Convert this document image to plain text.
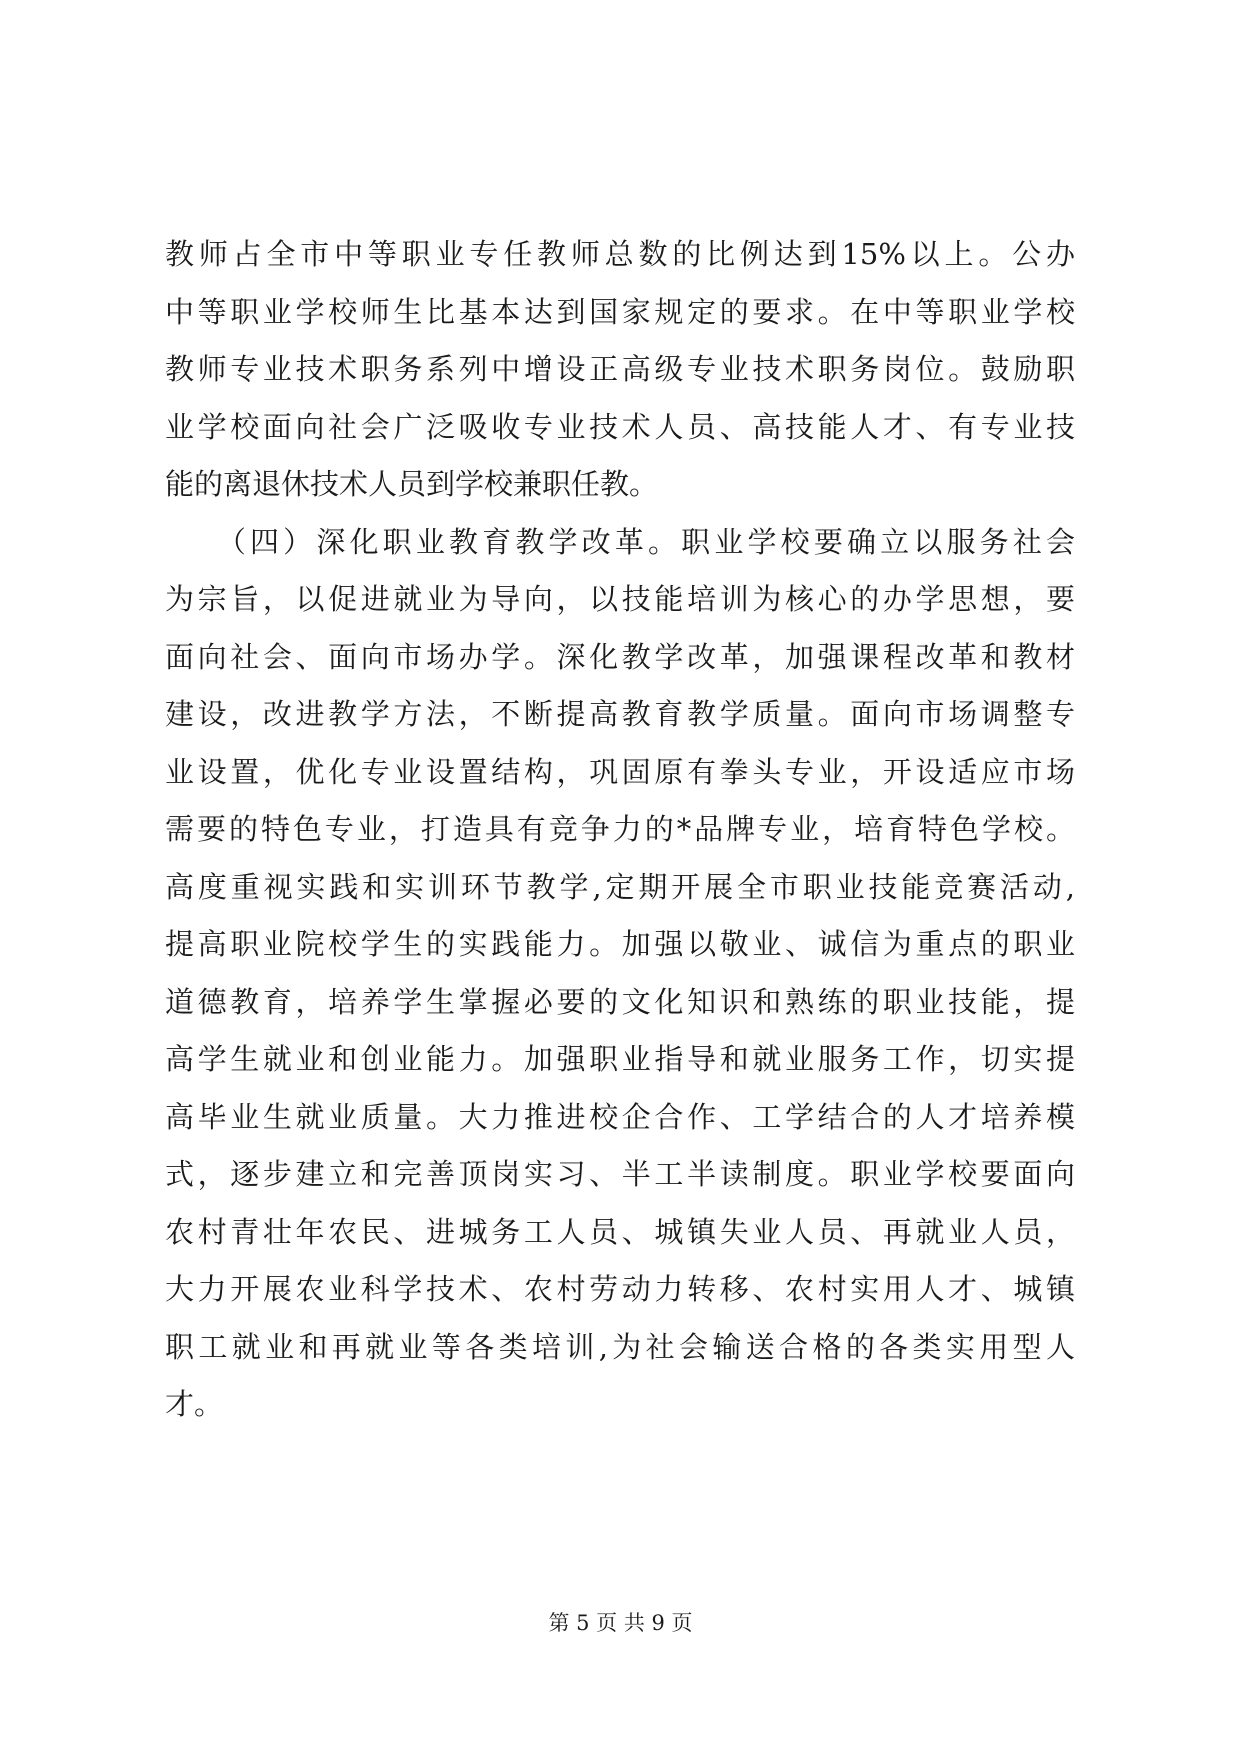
教师占全市中等职业专任教师总数的比例达到15%以上。公办
中等职业学校师生比基本达到国家规定的要求。在中等职业学校
教师专业技术职务系列中增设正高级专业技术职务岗位。鼓励职
业学校面向社会广泛吸收专业技术人员、高技能人才、有专业技
能的离退休技术人员到学校兼职任教。
　　（四）深化职业教育教学改革。职业学校要确立以服务社会
为宗旨，以促进就业为导向，以技能培训为核心的办学思想，要
面向社会、面向市场办学。深化教学改革，加强课程改革和教材
建设，改进教学方法，不断提高教育教学质量。面向市场调整专
业设置，优化专业设置结构，巩固原有拳头专业，开设适应市场
需要的特色专业，打造具有竞争力的*品牌专业，培育特色学校。
高度重视实践和实训环节教学,定期开展全市职业技能竞赛活动,
提高职业院校学生的实践能力。加强以敬业、诚信为重点的职业
道德教育，培养学生掌握必要的文化知识和熟练的职业技能，提
高学生就业和创业能力。加强职业指导和就业服务工作，切实提
高毕业生就业质量。大力推进校企合作、工学结合的人才培养模
式，逐步建立和完善顶岗实习、半工半读制度。职业学校要面向
农村青壮年农民、进城务工人员、城镇失业人员、再就业人员，
大力开展农业科学技术、农村劳动力转移、农村实用人才、城镇
职工就业和再就业等各类培训,为社会输送合格的各类实用型人
才。
第 5 页 共 9 页
